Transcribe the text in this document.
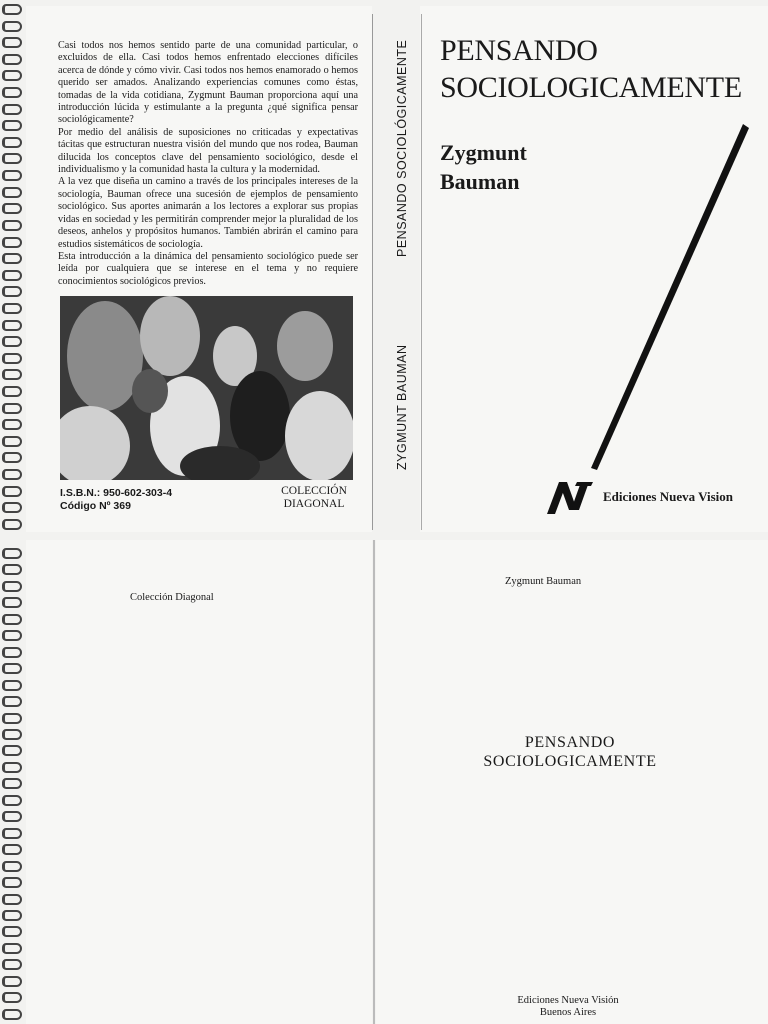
Casi todos nos hemos sentido parte de una comunidad particular, o excluidos de ella. Casi todos hemos enfrentado elecciones difíciles acerca de dónde y cómo vivir. Casi todos nos hemos enamorado o hemos querido ser amados. Analizando experiencias comunes como éstas, tomadas de la vida cotidiana, Zygmunt Bauman proporciona aquí una introducción lúcida y estimulante a la pregunta ¿qué significa pensar sociológicamente?

Por medio del análisis de suposiciones no criticadas y expectativas tácitas que estructuran nuestra visión del mundo que nos rodea, Bauman dilucida los conceptos clave del pensamiento sociológico, desde el individualismo y la comunidad hasta la cultura y la modernidad.

A la vez que diseña un camino a través de los principales intereses de la sociología, Bauman ofrece una sucesión de ejemplos de pensamiento sociológico. Sus aportes animarán a los lectores a explorar sus propias vidas en sociedad y les permitirán comprender mejor la pluralidad de los deseos, anhelos y propósitos humanos. También abrirán el camino para estudios sistemáticos de sociología.

Esta introducción a la dinámica del pensamiento sociológico puede ser leída por cualquiera que se interese en el tema y no requiere conocimientos sociológicos previos.

I.S.B.N.: 950-602-303-4
Código Nº 369
COLECCIÓN
DIAGONAL
ZYGMUNT BAUMAN
PENSANDO SOCIOLÓGICAMENTE PENSANDO
SOCIOLOGICAMENTE
Zygmunt
Bauman
Ediciones Nueva Vision
Colección Diagonal
Zygmunt Bauman
PENSANDO
SOCIOLOGICAMENTE
Ediciones Nueva Visión
Buenos Aires
